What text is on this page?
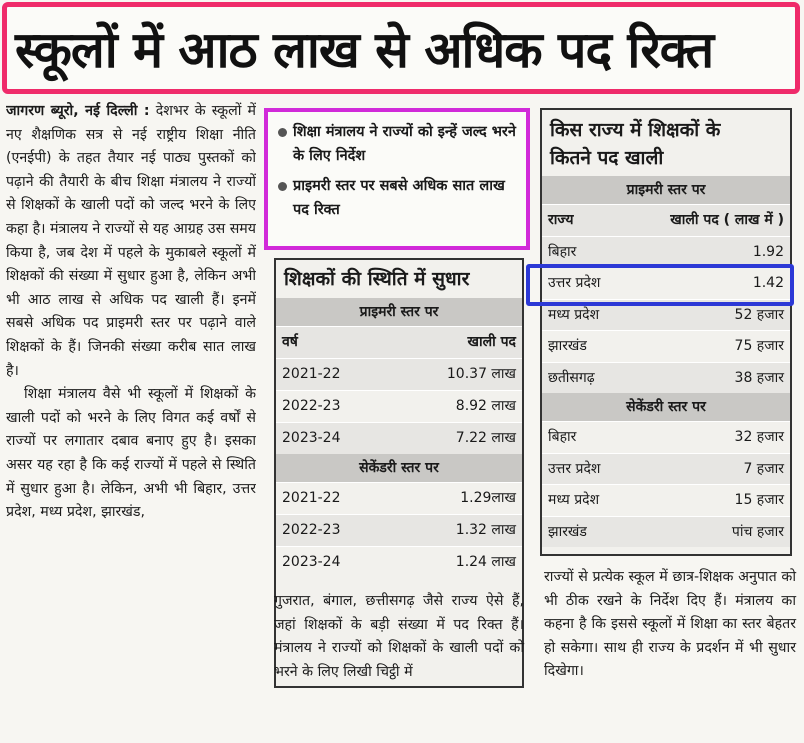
स्कूलों में आठ लाख से अधिक पद रिक्त

जागरण ब्यूरो, नई दिल्ली : देशभर के स्कूलों में नए शैक्षणिक सत्र से नई राष्ट्रीय शिक्षा नीति (एनईपी) के तहत तैयार नई पाठ्य पुस्तकों को पढ़ाने की तैयारी के बीच शिक्षा मंत्रालय ने राज्यों से शिक्षकों के खाली पदों को जल्द भरने के लिए कहा है। मंत्रालय ने राज्यों से यह आग्रह उस समय किया है, जब देश में पहले के मुकाबले स्कूलों में शिक्षकों की संख्या में सुधार हुआ है, लेकिन अभी भी आठ लाख से अधिक पद खाली हैं। इनमें सबसे अधिक पद प्राइमरी स्तर पर पढ़ाने वाले शिक्षकों के हैं। जिनकी संख्या करीब सात लाख है।

शिक्षा मंत्रालय वैसे भी स्कूलों में शिक्षकों के खाली पदों को भरने के लिए विगत कई वर्षों से राज्यों पर लगातार दबाव बनाए हुए है। इसका असर यह रहा है कि कई राज्यों में पहले से स्थिति में सुधार हुआ है। लेकिन, अभी भी बिहार, उत्तर प्रदेश, मध्य प्रदेश, झारखंड,

शिक्षा मंत्रालय ने राज्यों को इन्हें जल्द भरने के लिए निर्देश
प्राइमरी स्तर पर सबसे अधिक सात लाख पद रिक्त
शिक्षकों की स्थिति में सुधार
प्राइमरी स्तर पर
वर्ष	खाली पद
2021-22	10.37 लाख
2022-23	8.92 लाख
2023-24	7.22 लाख
सेकेंडरी स्तर पर
2021-22	1.29लाख
2022-23	1.32 लाख
2023-24	1.24 लाख

गुजरात, बंगाल, छत्तीसगढ़ जैसे राज्य ऐसे हैं, जहां शिक्षकों के बड़ी संख्या में पद रिक्त हैं। मंत्रालय ने राज्यों को शिक्षकों के खाली पदों को भरने के लिए लिखी चिट्ठी में

किस राज्य में शिक्षकों के
कितने पद खाली
प्राइमरी स्तर पर
राज्य	खाली पद ( लाख में )
बिहार	1.92
उत्तर प्रदेश	1.42
मध्य प्रदेश	52 हजार
झारखंड	75 हजार
छतीसगढ़	38 हजार
सेकेंडरी स्तर पर
बिहार	32 हजार
उत्तर प्रदेश	7 हजार
मध्य प्रदेश	15 हजार
झारखंड	पांच हजार

राज्यों से प्रत्येक स्कूल में छात्र-शिक्षक अनुपात को भी ठीक रखने के निर्देश दिए हैं। मंत्रालय का कहना है कि इससे स्कूलों में शिक्षा का स्तर बेहतर हो सकेगा। साथ ही राज्य के प्रदर्शन में भी सुधार दिखेगा।
